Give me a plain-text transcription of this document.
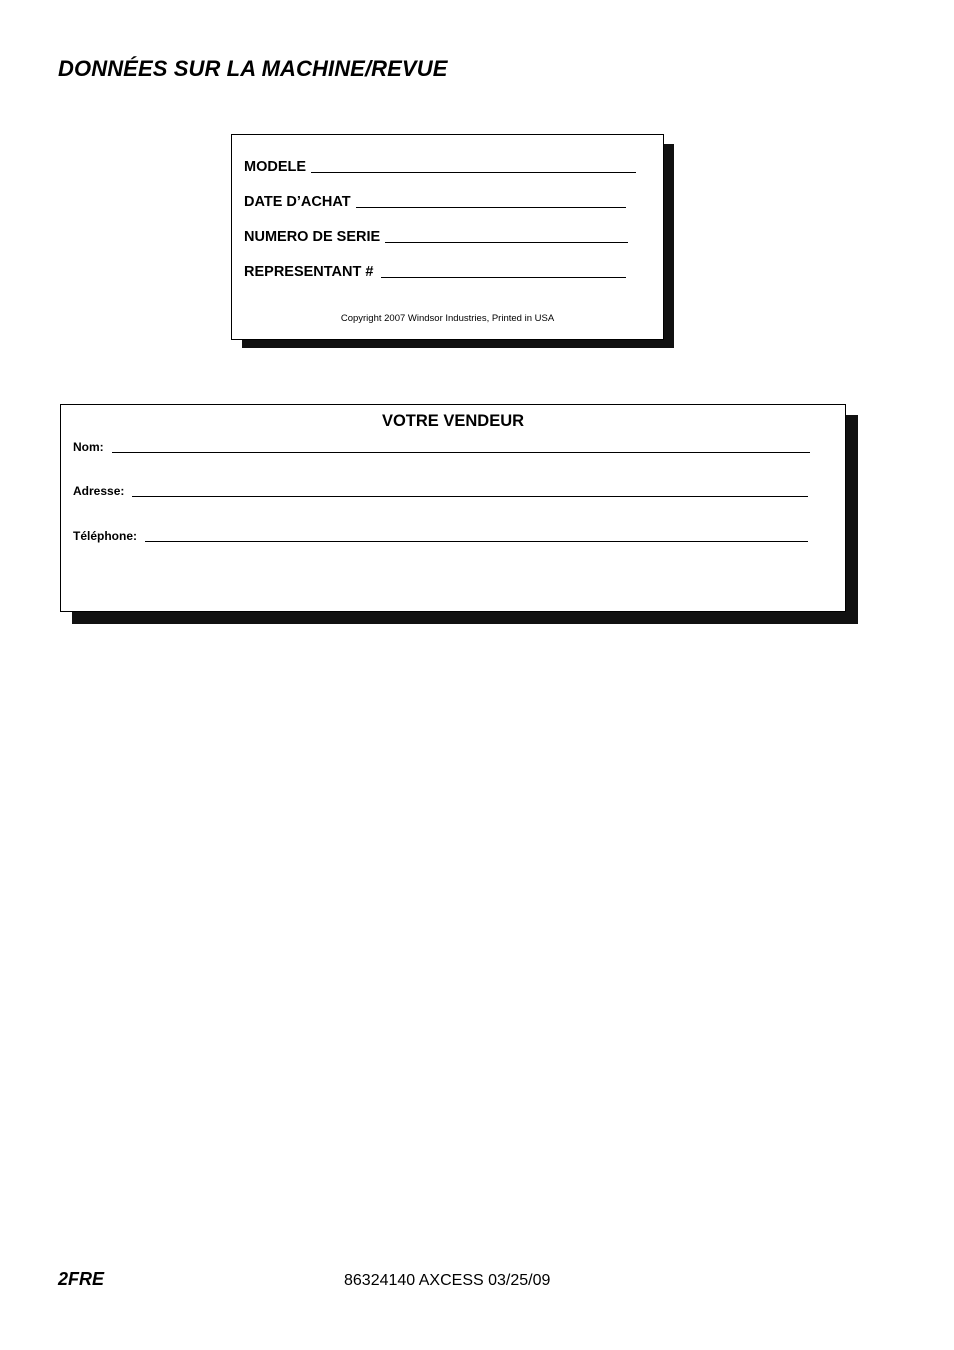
DONNÉES SUR LA MACHINE/REVUE
MODELE
DATE D’ACHAT
NUMERO DE SERIE
REPRESENTANT #
Copyright 2007 Windsor Industries, Printed in USA
VOTRE VENDEUR
Nom:
Adresse:
Téléphone:
2FRE	86324140 AXCESS 03/25/09
